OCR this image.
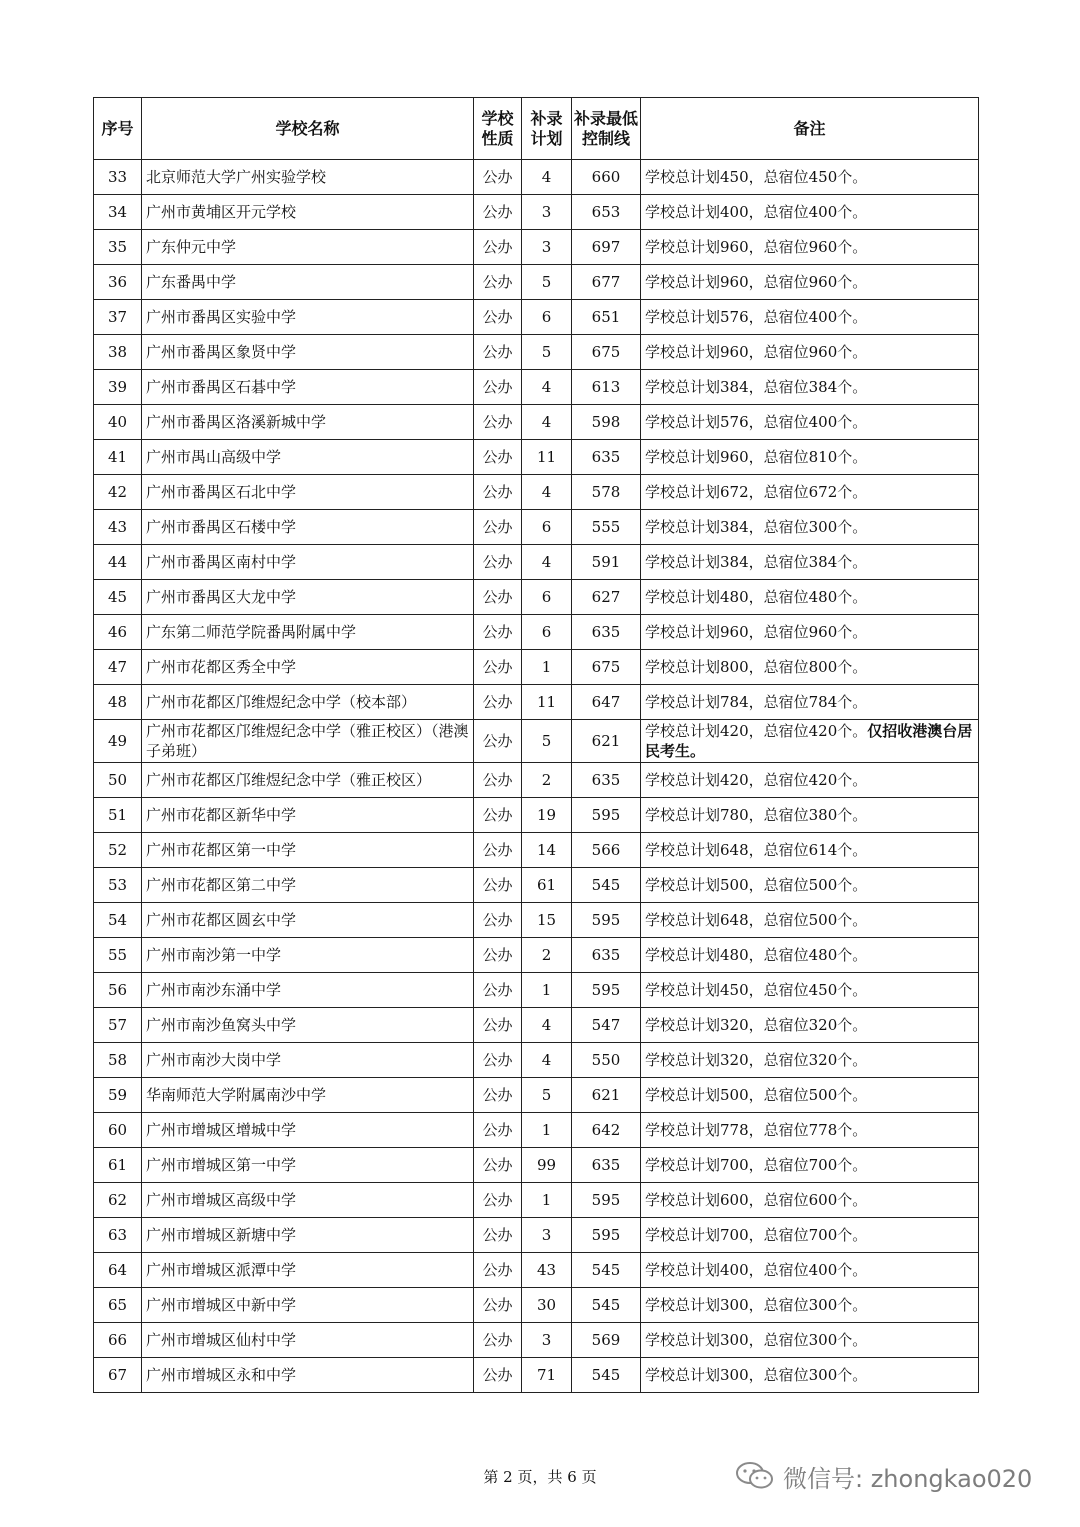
序号	学校名称	学校性质	补录计划	补录最低控制线	备注
33	北京师范大学广州实验学校	公办	4	660	学校总计划450，总宿位450个。
34	广州市黄埔区开元学校	公办	3	653	学校总计划400，总宿位400个。
35	广东仲元中学	公办	3	697	学校总计划960，总宿位960个。
36	广东番禺中学	公办	5	677	学校总计划960，总宿位960个。
37	广州市番禺区实验中学	公办	6	651	学校总计划576，总宿位400个。
38	广州市番禺区象贤中学	公办	5	675	学校总计划960，总宿位960个。
39	广州市番禺区石碁中学	公办	4	613	学校总计划384，总宿位384个。
40	广州市番禺区洛溪新城中学	公办	4	598	学校总计划576，总宿位400个。
41	广州市禺山高级中学	公办	11	635	学校总计划960，总宿位810个。
42	广州市番禺区石北中学	公办	4	578	学校总计划672，总宿位672个。
43	广州市番禺区石楼中学	公办	6	555	学校总计划384，总宿位300个。
44	广州市番禺区南村中学	公办	4	591	学校总计划384，总宿位384个。
45	广州市番禺区大龙中学	公办	6	627	学校总计划480，总宿位480个。
46	广东第二师范学院番禺附属中学	公办	6	635	学校总计划960，总宿位960个。
47	广州市花都区秀全中学	公办	1	675	学校总计划800，总宿位800个。
48	广州市花都区邝维煜纪念中学（校本部）	公办	11	647	学校总计划784，总宿位784个。
49	广州市花都区邝维煜纪念中学（雅正校区）（港澳子弟班）	公办	5	621	学校总计划420，总宿位420个。仅招收港澳台居民考生。
50	广州市花都区邝维煜纪念中学（雅正校区）	公办	2	635	学校总计划420，总宿位420个。
51	广州市花都区新华中学	公办	19	595	学校总计划780，总宿位380个。
52	广州市花都区第一中学	公办	14	566	学校总计划648，总宿位614个。
53	广州市花都区第二中学	公办	61	545	学校总计划500，总宿位500个。
54	广州市花都区圆玄中学	公办	15	595	学校总计划648，总宿位500个。
55	广州市南沙第一中学	公办	2	635	学校总计划480，总宿位480个。
56	广州市南沙东涌中学	公办	1	595	学校总计划450，总宿位450个。
57	广州市南沙鱼窝头中学	公办	4	547	学校总计划320，总宿位320个。
58	广州市南沙大岗中学	公办	4	550	学校总计划320，总宿位320个。
59	华南师范大学附属南沙中学	公办	5	621	学校总计划500，总宿位500个。
60	广州市增城区增城中学	公办	1	642	学校总计划778，总宿位778个。
61	广州市增城区第一中学	公办	99	635	学校总计划700，总宿位700个。
62	广州市增城区高级中学	公办	1	595	学校总计划600，总宿位600个。
63	广州市增城区新塘中学	公办	3	595	学校总计划700，总宿位700个。
64	广州市增城区派潭中学	公办	43	545	学校总计划400，总宿位400个。
65	广州市增城区中新中学	公办	30	545	学校总计划300，总宿位300个。
66	广州市增城区仙村中学	公办	3	569	学校总计划300，总宿位300个。
67	广州市增城区永和中学	公办	71	545	学校总计划300，总宿位300个。
第 2 页，共 6 页	微信号: zhongkao020
